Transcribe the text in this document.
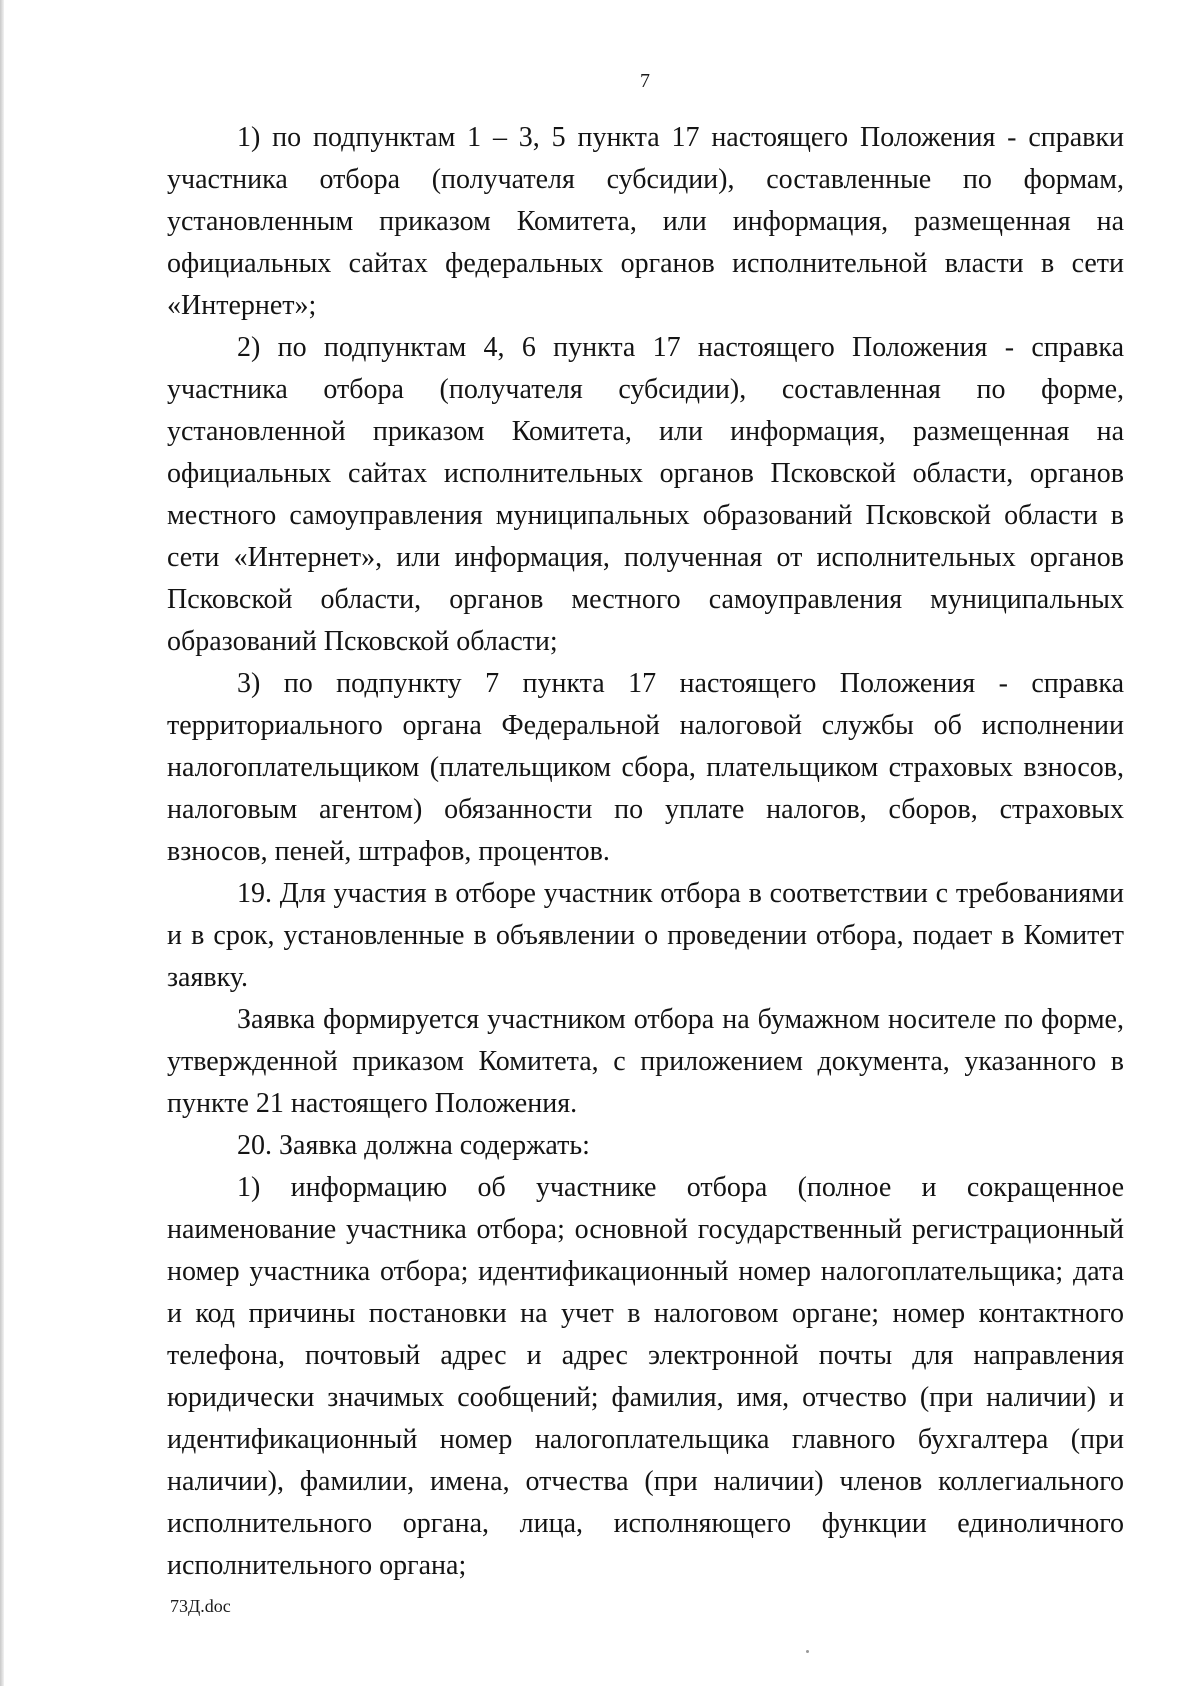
7

1) по подпунктам 1 – 3, 5 пункта 17 настоящего Положения - справки участника отбора (получателя субсидии), составленные по формам, установленным приказом Комитета, или информация, размещенная на официальных сайтах федеральных органов исполнительной власти в сети «Интернет»;

2) по подпунктам 4, 6 пункта 17 настоящего Положения - справка участника отбора (получателя субсидии), составленная по форме, установленной приказом Комитета, или информация, размещенная на официальных сайтах исполнительных органов Псковской области, органов местного самоуправления муниципальных образований Псковской области в сети «Интернет», или информация, полученная от исполнительных органов Псковской области, органов местного самоуправления муниципальных образований Псковской области;

3) по подпункту 7 пункта 17 настоящего Положения - справка территориального органа Федеральной налоговой службы об исполнении налогоплательщиком (плательщиком сбора, плательщиком страховых взносов, налоговым агентом) обязанности по уплате налогов, сборов, страховых взносов, пеней, штрафов, процентов.

19. Для участия в отборе участник отбора в соответствии с требованиями и в срок, установленные в объявлении о проведении отбора, подает в Комитет заявку.

Заявка формируется участником отбора на бумажном носителе по форме, утвержденной приказом Комитета, с приложением документа, указанного в пункте 21 настоящего Положения.

20. Заявка должна содержать:

1) информацию об участнике отбора (полное и сокращенное наименование участника отбора; основной государственный регистрационный номер участника отбора; идентификационный номер налогоплательщика; дата и код причины постановки на учет в налоговом органе; номер контактного телефона, почтовый адрес и адрес электронной почты для направления юридически значимых сообщений; фамилия, имя, отчество (при наличии) и идентификационный номер налогоплательщика главного бухгалтера (при наличии), фамилии, имена, отчества (при наличии) членов коллегиального исполнительного органа, лица, исполняющего функции единоличного исполнительного органа;

73Д.doc
